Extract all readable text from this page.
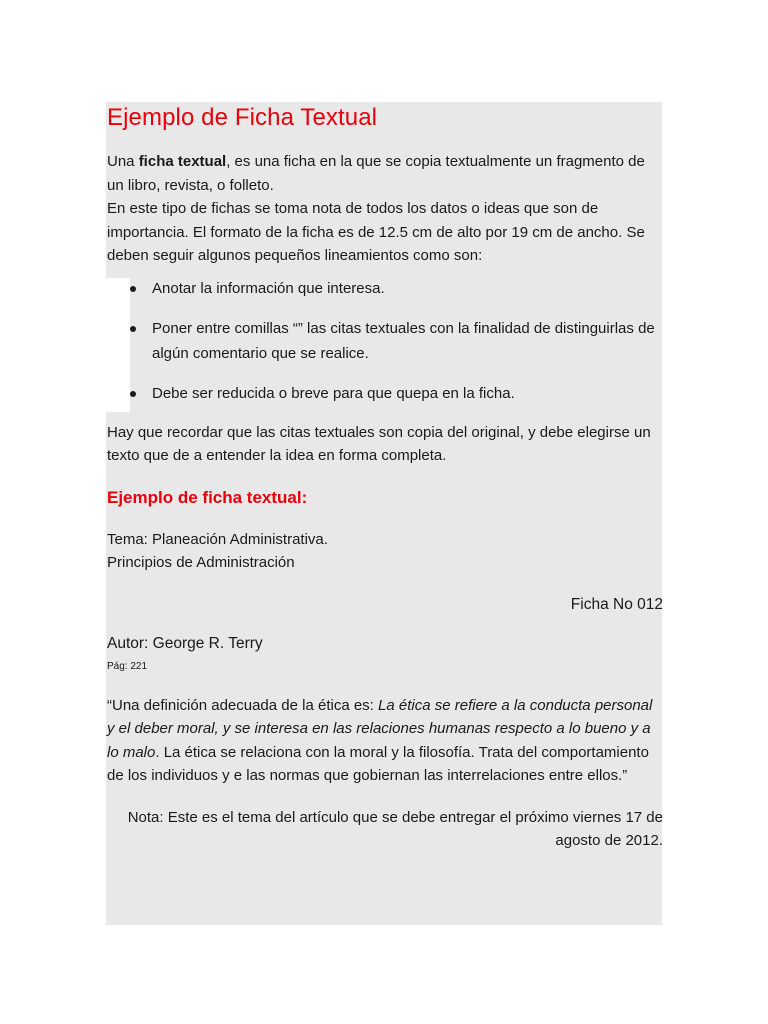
Ejemplo de Ficha Textual

Una ficha textual, es una ficha en la que se copia textualmente un fragmento de un libro, revista, o folleto.

En este tipo de fichas se toma nota de todos los datos o ideas que son de importancia. El formato de la ficha es de 12.5 cm de alto por 19 cm de ancho. Se deben seguir algunos pequeños lineamientos como son:

Anotar la información que interesa.
Poner entre comillas “” las citas textuales con la finalidad de distinguirlas de algún comentario que se realice.
Debe ser reducida o breve para que quepa en la ficha.

Hay que recordar que las citas textuales son copia del original, y debe elegirse un texto que de a entender la idea en forma completa.

Ejemplo de ficha textual:

Tema: Planeación Administrativa.

Principios de Administración

Ficha No 012

Autor: George R. Terry

Pág: 221

“Una definición adecuada de la ética es: La ética se refiere a la conducta personal y el deber moral, y se interesa en las relaciones humanas respecto a lo bueno y a lo malo. La ética se relaciona con la moral y la filosofía. Trata del comportamiento de los individuos y e las normas que gobiernan las interrelaciones entre ellos.”

Nota: Este es el tema del artículo que se debe entregar el próximo viernes 17 de agosto de 2012.
